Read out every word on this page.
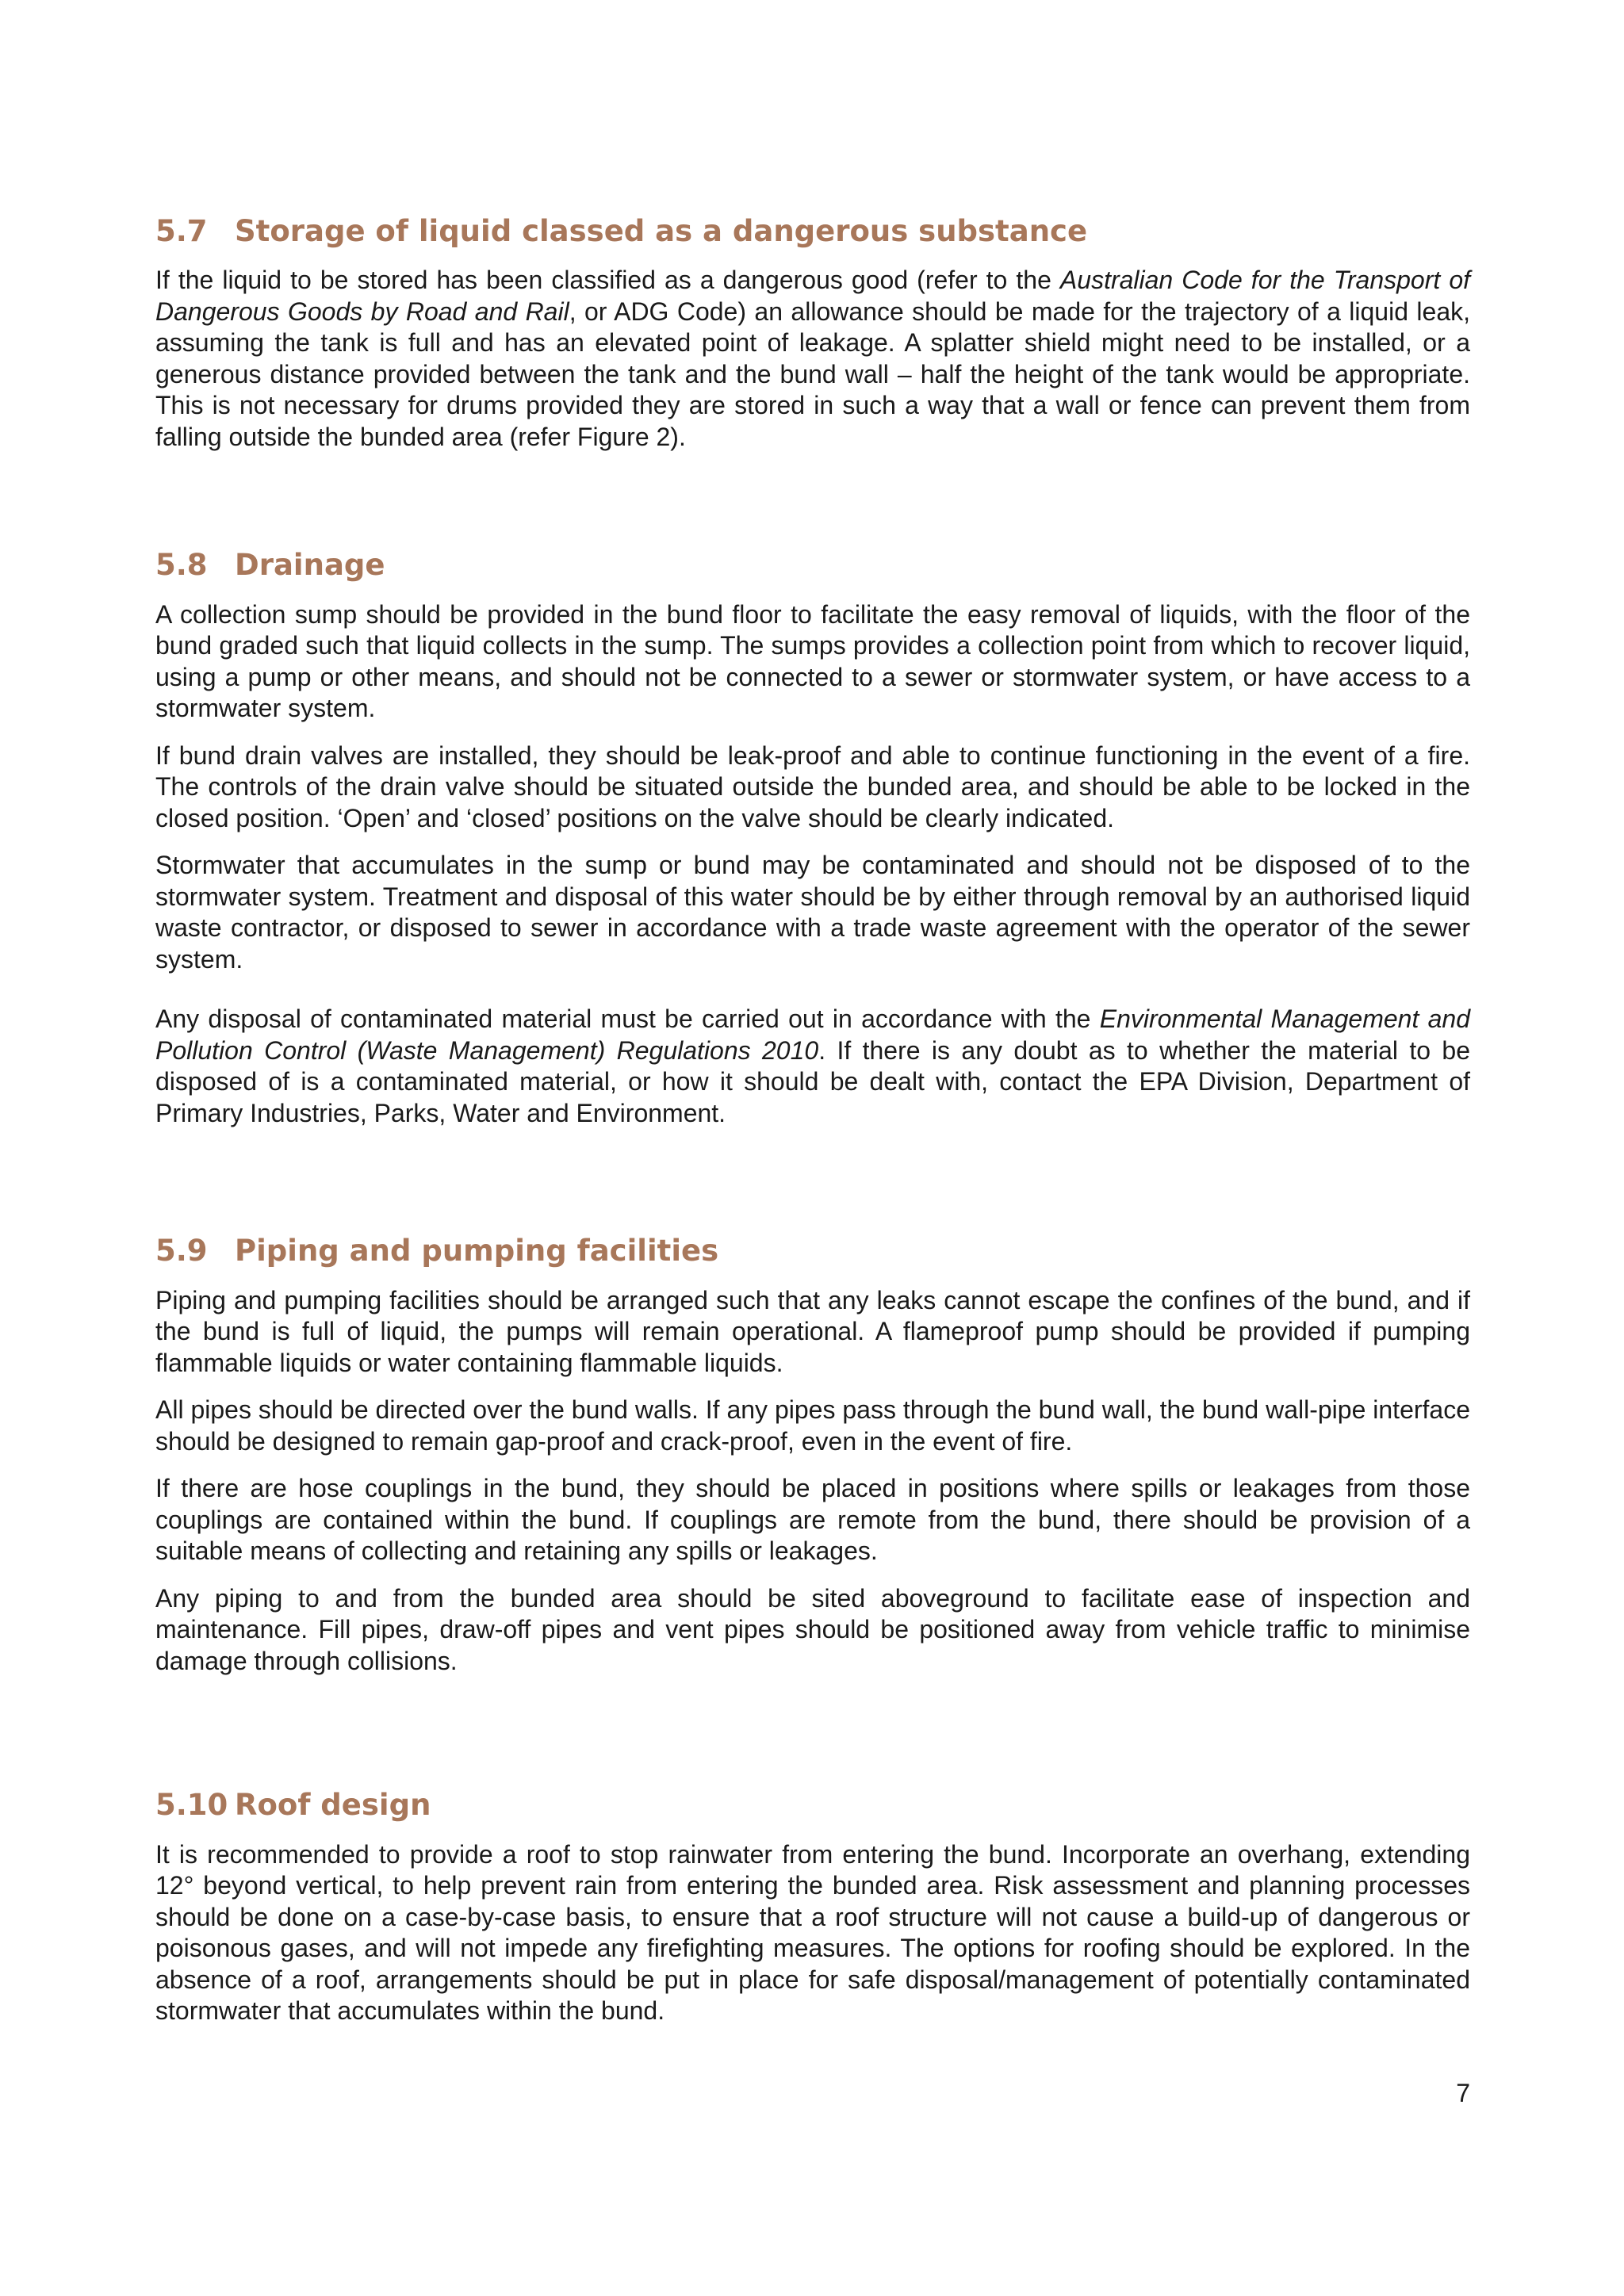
5.7 Storage of liquid classed as a dangerous substance

If the liquid to be stored has been classified as a dangerous good (refer to the Australian Code for the Transport of Dangerous Goods by Road and Rail, or ADG Code) an allowance should be made for the trajectory of a liquid leak, assuming the tank is full and has an elevated point of leakage. A splatter shield might need to be installed, or a generous distance provided between the tank and the bund wall – half the height of the tank would be appropriate. This is not necessary for drums provided they are stored in such a way that a wall or fence can prevent them from falling outside the bunded area (refer Figure 2).

5.8 Drainage

A collection sump should be provided in the bund floor to facilitate the easy removal of liquids, with the floor of the bund graded such that liquid collects in the sump. The sumps provides a collection point from which to recover liquid, using a pump or other means, and should not be connected to a sewer or stormwater system, or have access to a stormwater system.

If bund drain valves are installed, they should be leak-proof and able to continue functioning in the event of a fire. The controls of the drain valve should be situated outside the bunded area, and should be able to be locked in the closed position. ‘Open’ and ‘closed’ positions on the valve should be clearly indicated.

Stormwater that accumulates in the sump or bund may be contaminated and should not be disposed of to the stormwater system. Treatment and disposal of this water should be by either through removal by an authorised liquid waste contractor, or disposed to sewer in accordance with a trade waste agreement with the operator of the sewer system.

Any disposal of contaminated material must be carried out in accordance with the Environmental Management and Pollution Control (Waste Management) Regulations 2010. If there is any doubt as to whether the material to be disposed of is a contaminated material, or how it should be dealt with, contact the EPA Division, Department of Primary Industries, Parks, Water and Environment.

5.9 Piping and pumping facilities

Piping and pumping facilities should be arranged such that any leaks cannot escape the confines of the bund, and if the bund is full of liquid, the pumps will remain operational. A flameproof pump should be provided if pumping flammable liquids or water containing flammable liquids.

All pipes should be directed over the bund walls. If any pipes pass through the bund wall, the bund wall-pipe interface should be designed to remain gap-proof and crack-proof, even in the event of fire.

If there are hose couplings in the bund, they should be placed in positions where spills or leakages from those couplings are contained within the bund. If couplings are remote from the bund, there should be provision of a suitable means of collecting and retaining any spills or leakages.

Any piping to and from the bunded area should be sited aboveground to facilitate ease of inspection and maintenance. Fill pipes, draw-off pipes and vent pipes should be positioned away from vehicle traffic to minimise damage through collisions.

5.10 Roof design

It is recommended to provide a roof to stop rainwater from entering the bund. Incorporate an overhang, extending 12° beyond vertical, to help prevent rain from entering the bunded area. Risk assessment and planning processes should be done on a case-by-case basis, to ensure that a roof structure will not cause a build-up of dangerous or poisonous gases, and will not impede any firefighting measures. The options for roofing should be explored. In the absence of a roof, arrangements should be put in place for safe disposal/management of potentially contaminated stormwater that accumulates within the bund.

7
